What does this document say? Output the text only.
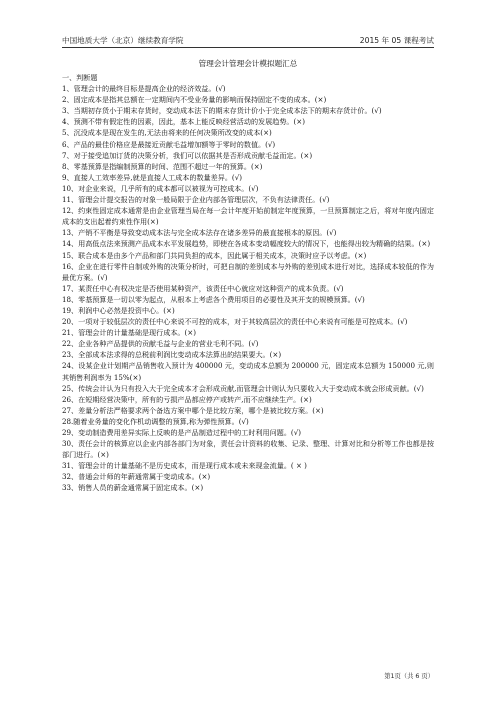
中国地质大学（北京）继续教育学院	2015 年 05 课程考试
管理会计管理会计模拟题汇总

一、判断题

1、管理会计的最终目标是提高企业的经济效益。(√)

2、固定成本是指其总额在一定期间内不受业务量的影响而保持固定不变的成本。(×)

3、当期初存货小于期末存货时，变动成本法下的期末存货计价小于完全成本法下的期末存货计价。(√)

4、预测不带有假定性的因素，因此，基本上能反映经营活动的发展趋势。(×)

5、沉没成本是现在发生的,无法由将来的任何决策所改变的成本(×)

6、产品的最佳价格应是最接近贡献毛益增加额等于零时的数值。(√)

7、对于接受追加订货的决策分析，我们可以依据其是否形成贡献毛益而定。(×)

8、零基预算是指编制预算的时间、范围不超过一年的预算。(×)

9、直接人工效率差异,就是直接人工成本的数量差异。(√)

10、对企业来说，几乎所有的成本都可以被视为可控成本。(√)

11、管理会计提交报告的对象一般局限于企业内部各管理层次，不负有法律责任。(√)

12、约束性固定成本通常是由企业管理当局在每一会计年度开始前制定年度预算，一旦预算制定之后，将对年度内固定成本的支出起着约束性作用(×)

13、产销不平衡是导致变动成本法与完全成本法存在诸多差异的最直接根本的原因。(√)

14、用高低点法来预测产品成本水平发展趋势，即使在各成本变动幅度较大的情况下，也能得出较为精确的结果。(×)

15、联合成本是由多个产品和部门共同负担的成本，因此属于相关成本，决策时应予以考虑。(×)

16、企业在进行零件自制或外购的决策分析时，可把自制的差别成本与外购的差别成本进行对比，选择成本较低的作为最优方案。(√)

17、某责任中心有权决定是否使用某种资产，该责任中心就应对这种资产的成本负责。(√)

18、零基预算是一切以零为起点，从根本上考虑各个费用项目的必要性及其开支的规模预算。(√)

19、利润中心必然是投资中心。(×)

20、一项对于较低层次的责任中心来说不可控的成本，对于其较高层次的责任中心来说有可能是可控成本。(√)

21、管理会计的计量基础是现行成本。(×)

22、企业各种产品提供的贡献毛益与企业的营业毛利不同。(√)

23、全部成本法求得的总税前利润比变动成本法算出的结果要大。(×)

24、设某企业计划期产品销售收入预计为 400000 元，变动成本总额为 200000 元，固定成本总额为 150000 元,则其销售利润率为 15%(×)

25、传统会计认为只有投入大于完全成本才会形成贡献,而管理会计则认为只要收入大于变动成本就会形成贡献。(√)

26、在短期经营决策中，所有的亏损产品都应停产或转产,而不应继续生产。(×)

27、差量分析法严格要求两个备选方案中哪个是比较方案，哪个是被比较方案。(×)

28.随着业务量的变化作机动调整的预算,称为弹性预算。(√)

29、变动制造费用差异实际上反映的是产品制造过程中的工时利用问题。(√)

30、责任会计的核算应以企业内部各部门为对象，责任会计资料的收集、记录、整理、计算对比和分析等工作也都是按部门进行。(×)

31、管理会计的计量基础不是历史成本，而是现行成本或未来现金流量。( × )

32、普通会计师的年薪通常属于变动成本。(×)

33、销售人员的薪金通常属于固定成本。(×)

第1页（共 6 页）
